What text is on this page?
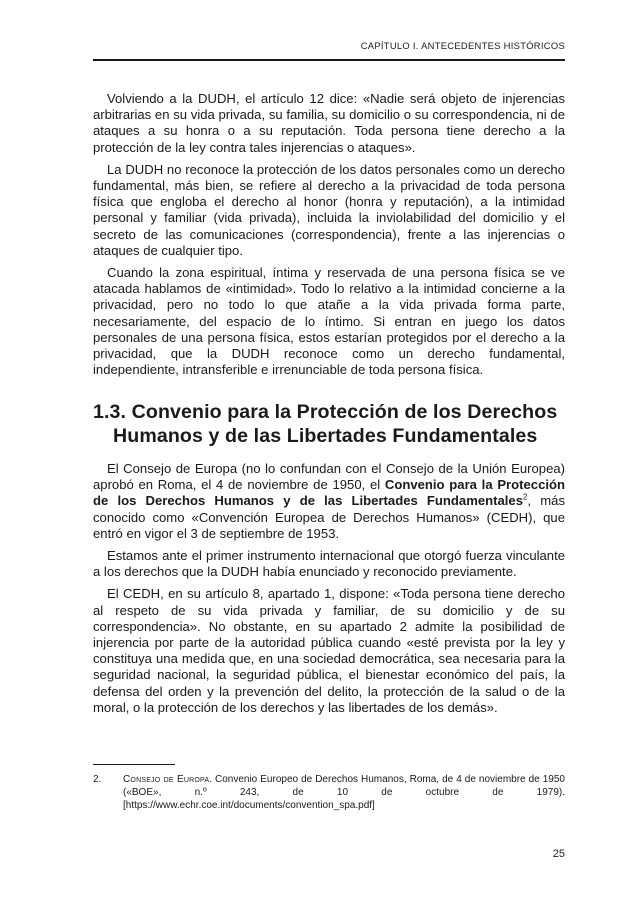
CAPÍTULO I. ANTECEDENTES HISTÓRICOS

Volviendo a la DUDH, el artículo 12 dice: «Nadie será objeto de injerencias arbitrarias en su vida privada, su familia, su domicilio o su correspondencia, ni de ataques a su honra o a su reputación. Toda persona tiene derecho a la protección de la ley contra tales injerencias o ataques».

La DUDH no reconoce la protección de los datos personales como un derecho fundamental, más bien, se refiere al derecho a la privacidad de toda persona física que engloba el derecho al honor (honra y reputación), a la intimidad personal y familiar (vida privada), incluida la inviolabilidad del domicilio y el secreto de las comunicaciones (correspondencia), frente a las injerencias o ataques de cualquier tipo.

Cuando la zona espiritual, íntima y reservada de una persona física se ve atacada hablamos de «intimidad». Todo lo relativo a la intimidad concierne a la privacidad, pero no todo lo que atañe a la vida privada forma parte, necesariamente, del espacio de lo íntimo. Si entran en juego los datos personales de una persona física, estos estarían protegidos por el derecho a la privacidad, que la DUDH reconoce como un derecho fundamental, independiente, intransferible e irrenunciable de toda persona física.

1.3. Convenio para la Protección de los Derechos
Humanos y de las Libertades Fundamentales

El Consejo de Europa (no lo confundan con el Consejo de la Unión Europea) aprobó en Roma, el 4 de noviembre de 1950, el Convenio para la Protección de los Derechos Humanos y de las Libertades Fundamentales$^2$, más conocido como «Convención Europea de Derechos Humanos» (CEDH), que entró en vigor el 3 de septiembre de 1953.

Estamos ante el primer instrumento internacional que otorgó fuerza vinculante a los derechos que la DUDH había enunciado y reconocido previamente.

El CEDH, en su artículo 8, apartado 1, dispone: «Toda persona tiene derecho al respeto de su vida privada y familiar, de su domicilio y de su correspondencia». No obstante, en su apartado 2 admite la posibilidad de injerencia por parte de la autoridad pública cuando «esté prevista por la ley y constituya una medida que, en una sociedad democrática, sea necesaria para la seguridad nacional, la seguridad pública, el bienestar económico del país, la defensa del orden y la prevención del delito, la protección de la salud o de la moral, o la protección de los derechos y las libertades de los demás».

2. Consejo de Europa. Convenio Europeo de Derechos Humanos, Roma, de 4 de noviembre de 1950 («BOE», n.º 243, de 10 de octubre de 1979). [https://www.echr.coe.int/documents/convention_spa.pdf]
25
